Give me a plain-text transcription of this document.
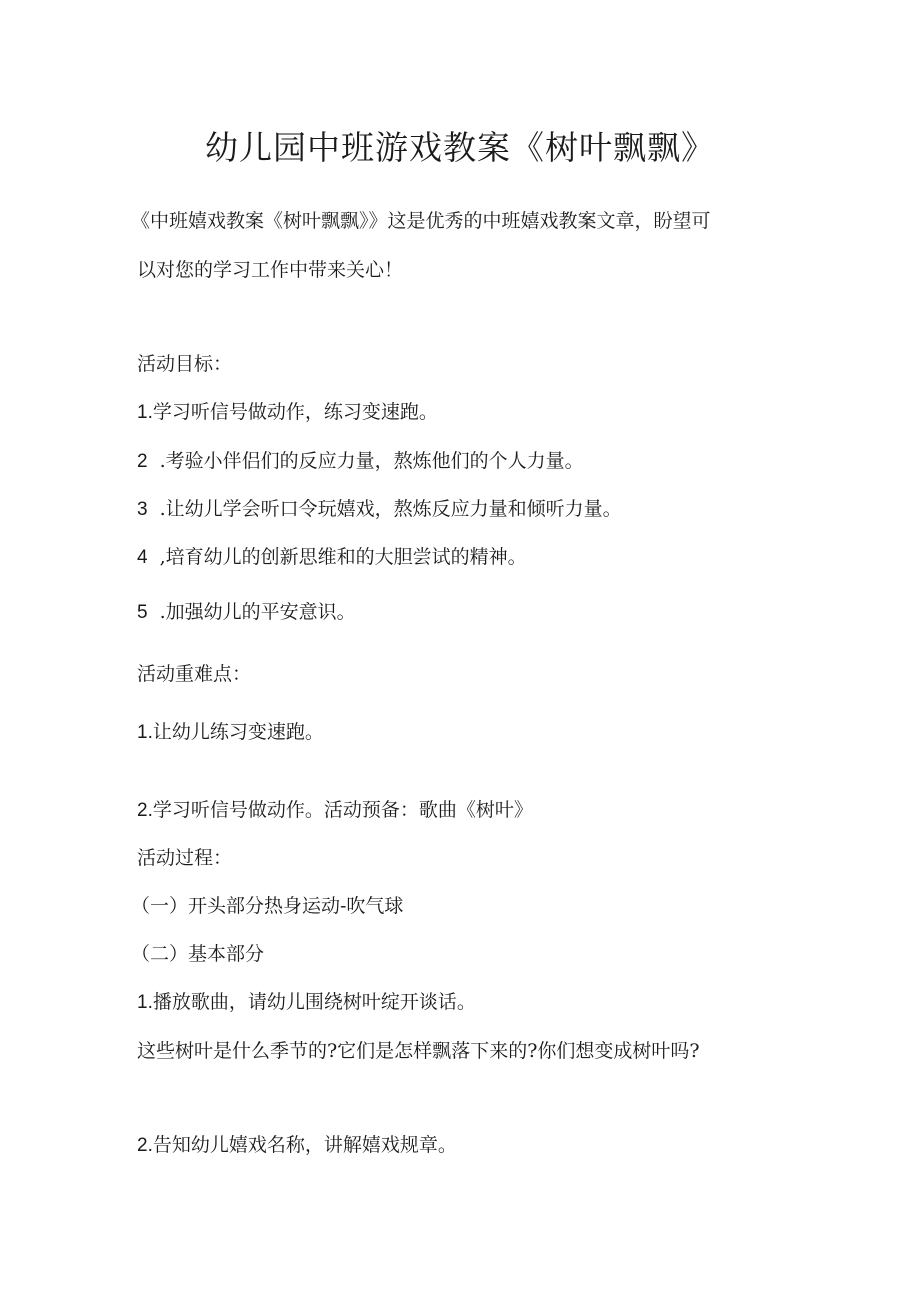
幼儿园中班游戏教案《树叶飘飘》
《中班嬉戏教案《树叶飘飘》》这是优秀的中班嬉戏教案文章，盼望可
以对您的学习工作中带来关心！
活动目标：
1.学习听信号做动作，练习变速跑。
2 .考验小伴侣们的反应力量，熬炼他们的个人力量。
3 .让幼儿学会听口令玩嬉戏，熬炼反应力量和倾听力量。
4 ,培育幼儿的创新思维和的大胆尝试的精神。
5 .加强幼儿的平安意识。
活动重难点：
1.让幼儿练习变速跑。
2.学习听信号做动作。活动预备：歌曲《树叶》
活动过程：
（一）开头部分热身运动-吹气球
（二）基本部分
1.播放歌曲，请幼儿围绕树叶绽开谈话。
这些树叶是什么季节的?它们是怎样飘落下来的?你们想变成树叶吗?
2.告知幼儿嬉戏名称，讲解嬉戏规章。
